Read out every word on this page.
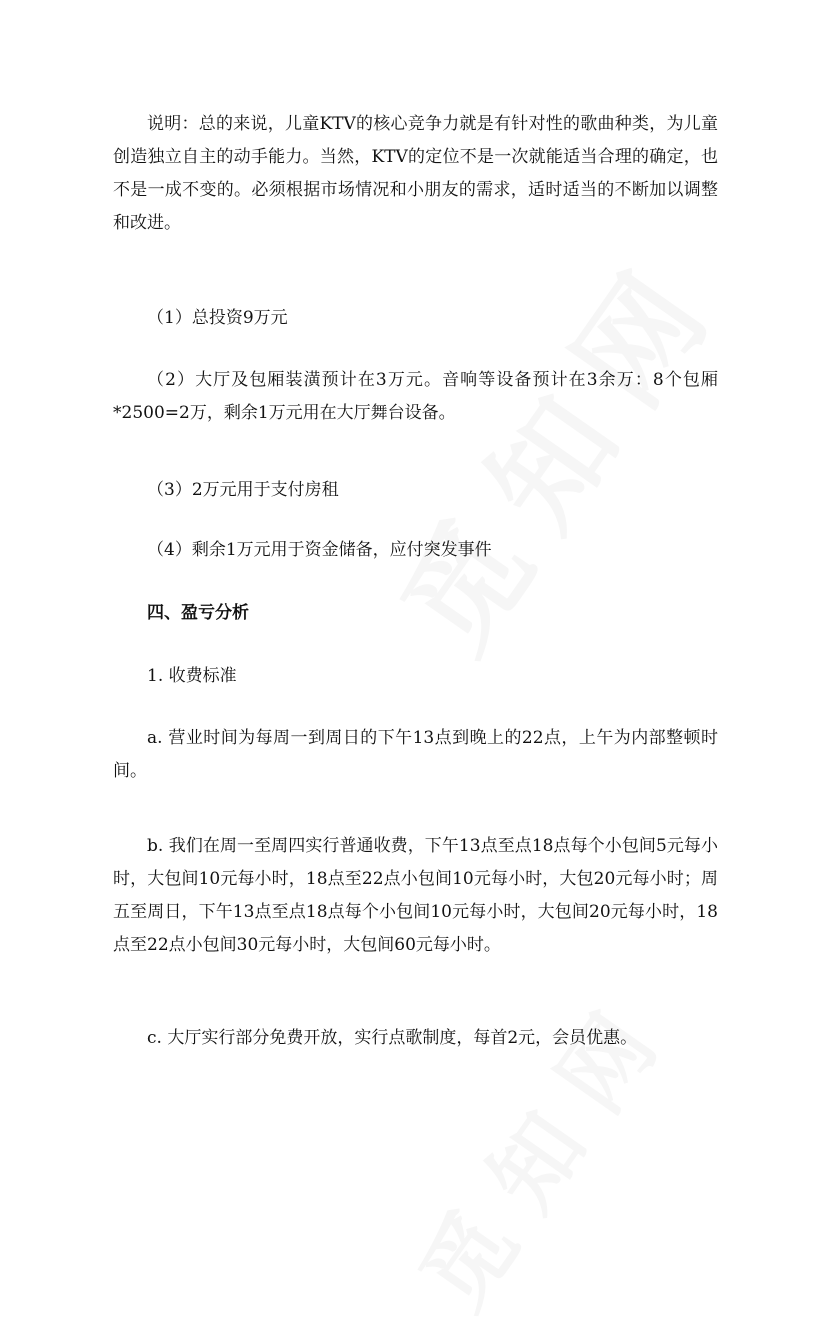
说明：总的来说，儿童KTV的核心竞争力就是有针对性的歌曲种类，为儿童创造独立自主的动手能力。当然，KTV的定位不是一次就能适当合理的确定，也不是一成不变的。必须根据市场情况和小朋友的需求，适时适当的不断加以调整和改进。

（1）总投资9万元

（2）大厅及包厢装潢预计在3万元。音响等设备预计在3余万：8个包厢*2500=2万，剩余1万元用在大厅舞台设备。

（3）2万元用于支付房租

（4）剩余1万元用于资金储备，应付突发事件

四、盈亏分析

1. 收费标准

a. 营业时间为每周一到周日的下午13点到晚上的22点，上午为内部整顿时间。

b. 我们在周一至周四实行普通收费，下午13点至点18点每个小包间5元每小时，大包间10元每小时，18点至22点小包间10元每小时，大包20元每小时；周五至周日，下午13点至点18点每个小包间10元每小时，大包间20元每小时，18点至22点小包间30元每小时，大包间60元每小时。

c. 大厅实行部分免费开放，实行点歌制度，每首2元，会员优惠。
